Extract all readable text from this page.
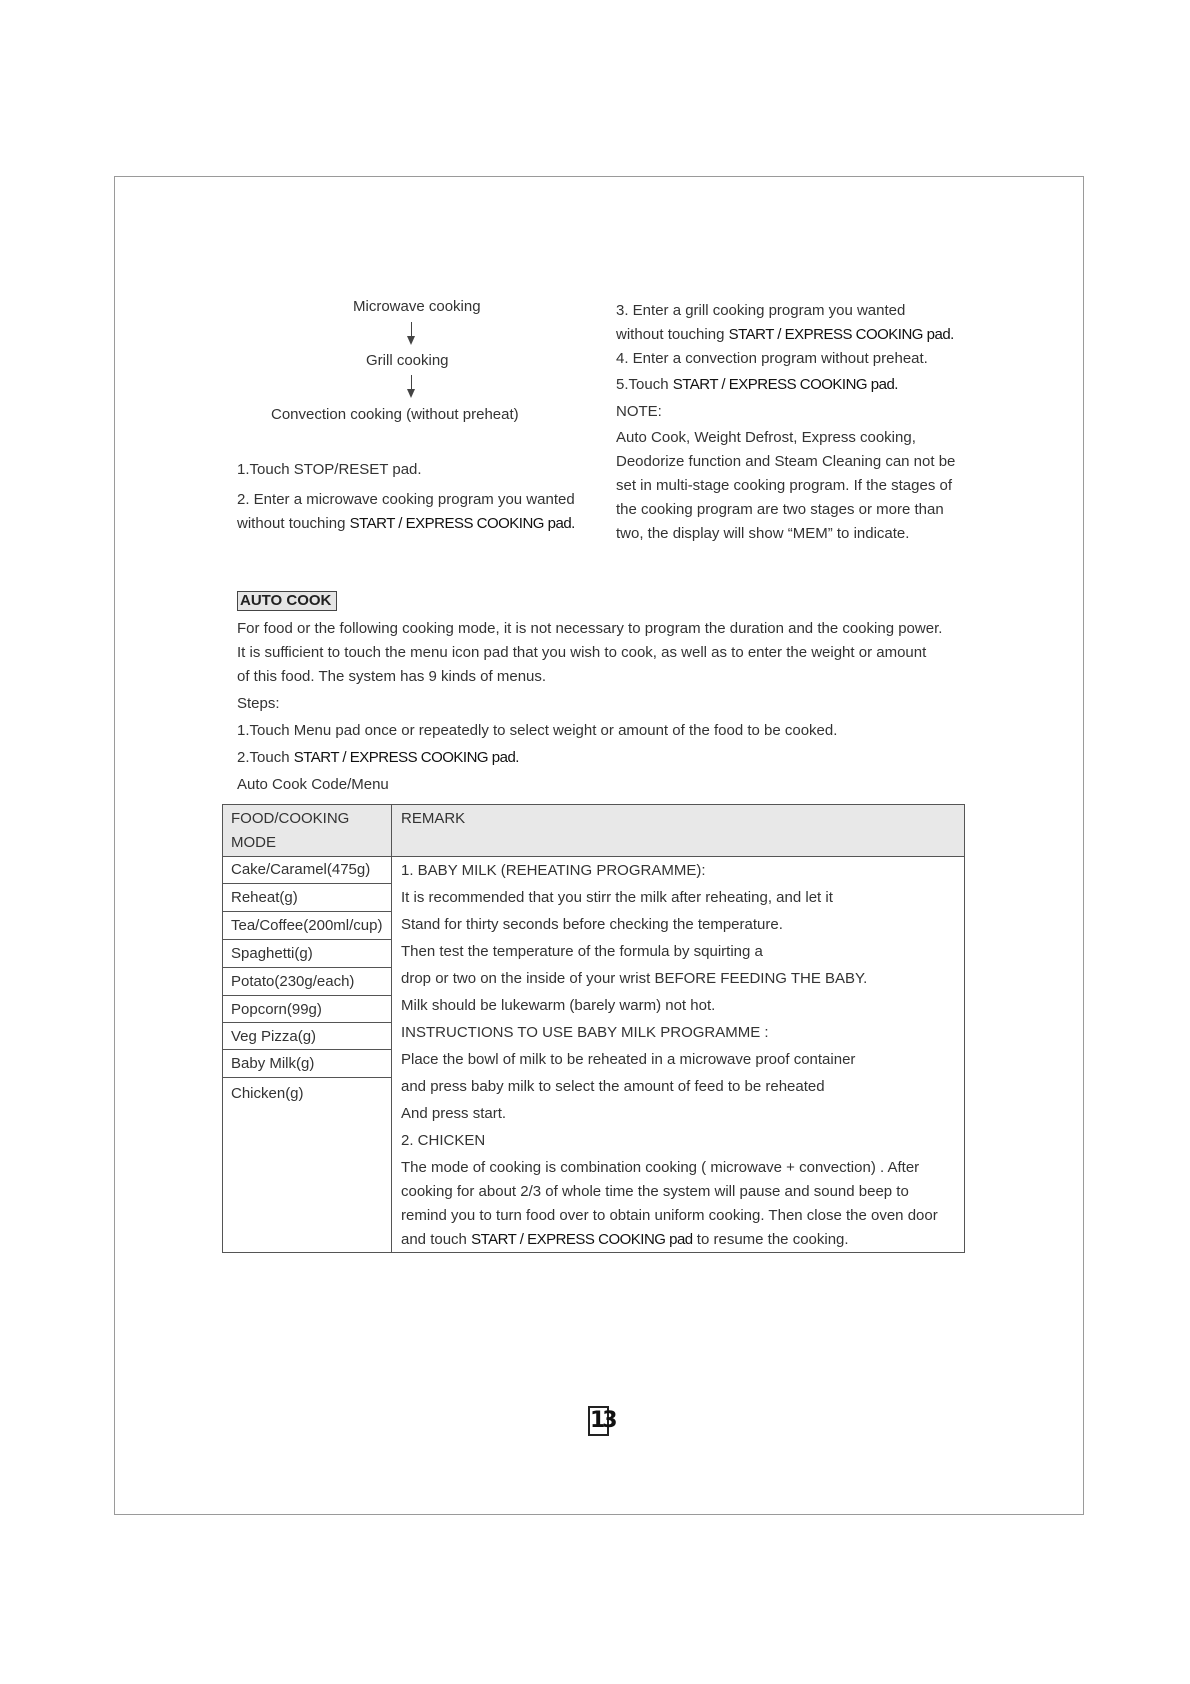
Microwave cooking
Grill cooking
Convection cooking (without preheat)
1.Touch STOP/RESET pad.
2. Enter a microwave cooking program you wanted
without touching START / EXPRESS COOKING pad.
3. Enter a grill cooking program you wanted
without touching START / EXPRESS COOKING pad.
4. Enter a convection program without preheat.
5.Touch START / EXPRESS COOKING pad.
NOTE:
Auto Cook, Weight Defrost, Express cooking,
Deodorize function and Steam Cleaning can not be
set in multi-stage cooking program. If the stages of
the cooking program are two stages or more than
two, the display will show “MEM” to indicate.
AUTO COOK
For food or the following cooking mode, it is not necessary to program the duration and the cooking power.
It is sufficient to touch the menu icon pad that you wish to cook, as well as to enter the weight or amount
of this food. The system has 9 kinds of menus.
Steps:
1.Touch Menu pad once or repeatedly to select weight or amount of the food to be cooked.
2.Touch START / EXPRESS COOKING pad.
Auto Cook Code/Menu
FOOD/COOKING
MODE
REMARK
Cake/Caramel(475g)
Reheat(g)
Tea/Coffee(200ml/cup)
Spaghetti(g)
Potato(230g/each)
Popcorn(99g)
Veg Pizza(g)
Baby Milk(g)
Chicken(g)
1. BABY MILK (REHEATING PROGRAMME):
It is recommended that you stirr the milk after reheating, and let it
Stand for thirty seconds before checking the temperature.
Then test the temperature of the formula by squirting a
drop or two on the inside of your wrist BEFORE FEEDING THE BABY.
Milk should be lukewarm (barely warm) not hot.
INSTRUCTIONS TO USE BABY MILK PROGRAMME :
Place the bowl of milk to be reheated in a microwave proof container
and press baby milk to select the amount of feed to be reheated
And press start.
2. CHICKEN
The mode of cooking is combination cooking ( microwave + convection) . After
cooking for about 2/3 of whole time the system will pause and sound beep to
remind you to turn food over to obtain uniform cooking. Then close the oven door
and touch START / EXPRESS COOKING pad to resume the cooking.
13
